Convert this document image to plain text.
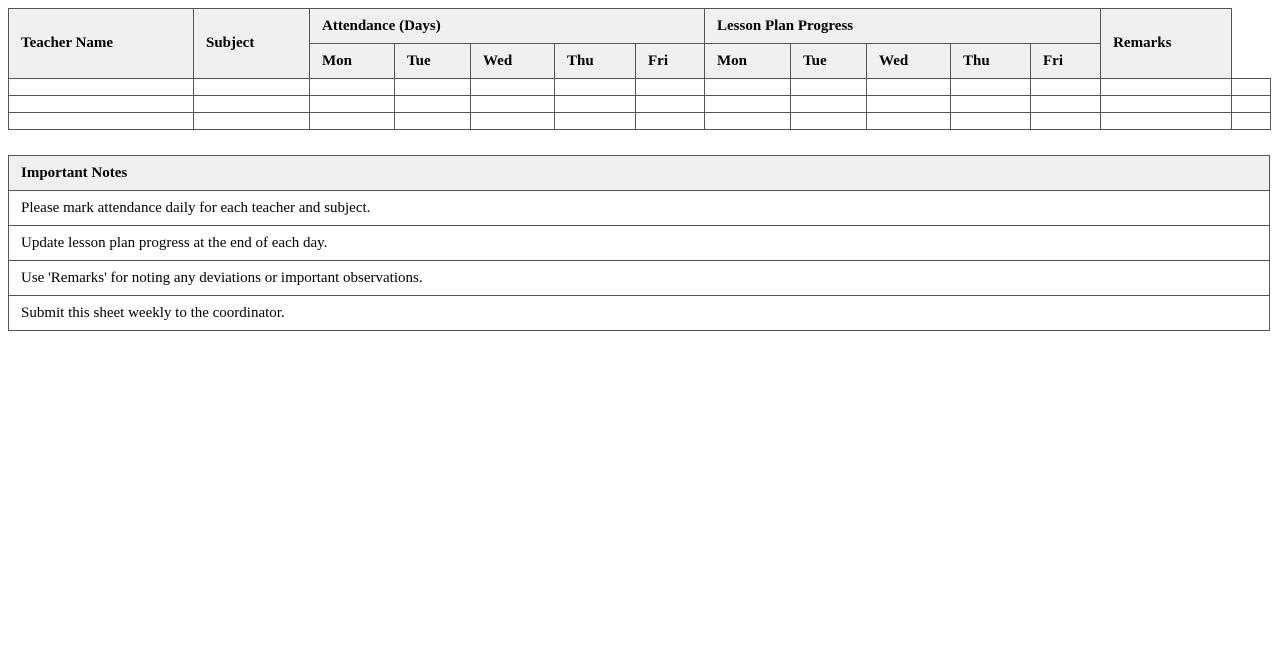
Teacher Name	Subject	Attendance (Days)					Lesson Plan Progress					Remarks	
		Mon	Tue	Wed	Thu	Fri	Mon	Tue	Wed	Thu	Fri		

Important Notes
Please mark attendance daily for each teacher and subject.
Update lesson plan progress at the end of each day.
Use 'Remarks' for noting any deviations or important observations.
Submit this sheet weekly to the coordinator.
